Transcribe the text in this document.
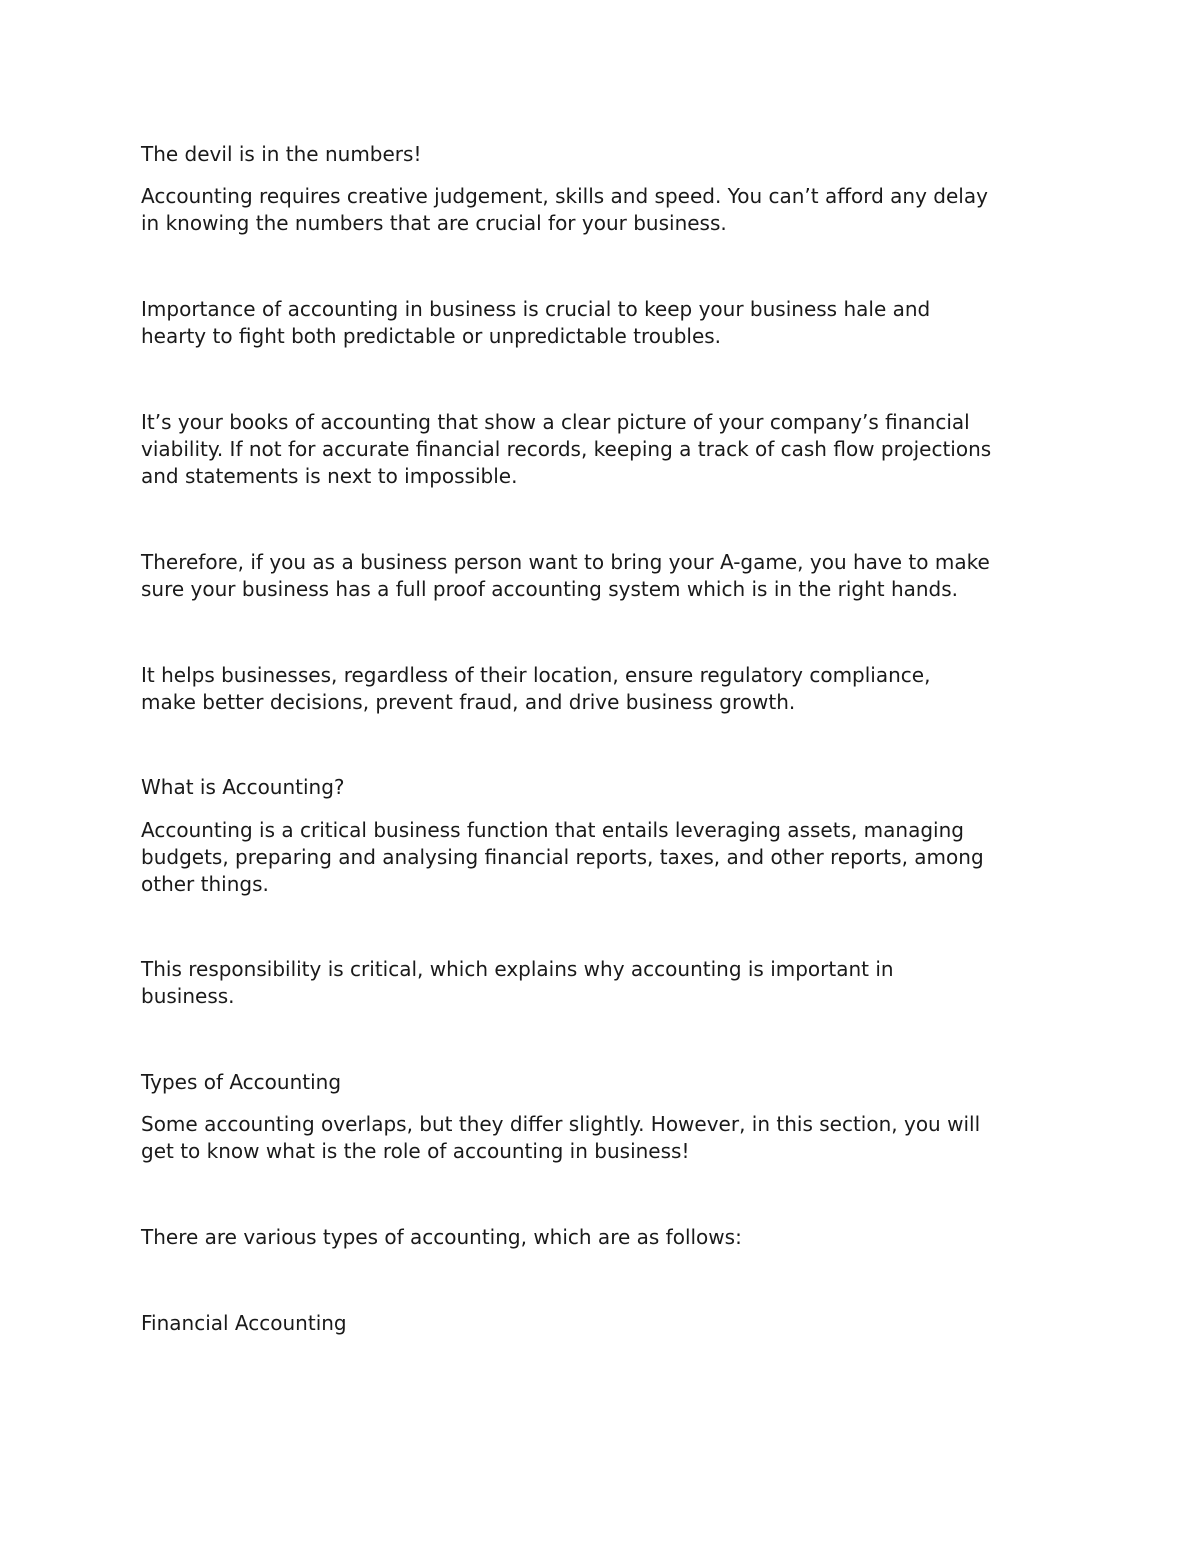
The devil is in the numbers!

Accounting requires creative judgement, skills and speed. You can’t afford any delay
in knowing the numbers that are crucial for your business.

Importance of accounting in business is crucial to keep your business hale and
hearty to fight both predictable or unpredictable troubles.

It’s your books of accounting that show a clear picture of your company’s financial
viability. If not for accurate financial records, keeping a track of cash flow projections
and statements is next to impossible.

Therefore, if you as a business person want to bring your A-game, you have to make
sure your business has a full proof accounting system which is in the right hands.

It helps businesses, regardless of their location, ensure regulatory compliance,
make better decisions, prevent fraud, and drive business growth.

What is Accounting?

Accounting is a critical business function that entails leveraging assets, managing
budgets, preparing and analysing financial reports, taxes, and other reports, among
other things.

This responsibility is critical, which explains why accounting is important in
business.

Types of Accounting

Some accounting overlaps, but they differ slightly. However, in this section, you will
get to know what is the role of accounting in business!

There are various types of accounting, which are as follows:

Financial Accounting
